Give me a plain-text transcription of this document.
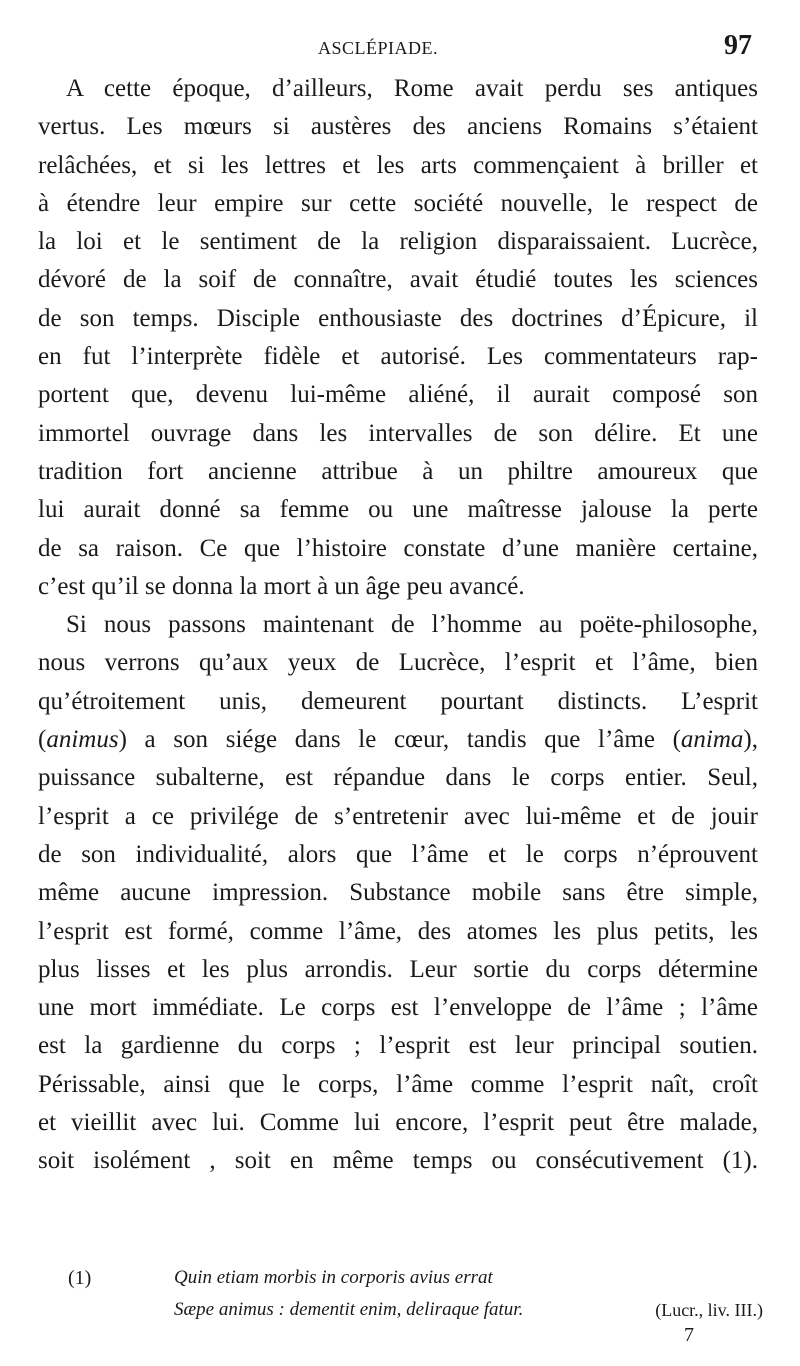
ASCLÉPIADE.	97
A cette époque, d’ailleurs, Rome avait perdu ses antiques
vertus. Les mœurs si austères des anciens Romains s’étaient
relâchées, et si les lettres et les arts commençaient à briller et
à étendre leur empire sur cette société nouvelle, le respect de
la loi et le sentiment de la religion disparaissaient. Lucrèce,
dévoré de la soif de connaître, avait étudié toutes les sciences
de son temps. Disciple enthousiaste des doctrines d’Épicure, il
en fut l’interprète fidèle et autorisé. Les commentateurs rap-
portent que, devenu lui-même aliéné, il aurait composé son
immortel ouvrage dans les intervalles de son délire. Et une
tradition fort ancienne attribue à un philtre amoureux que
lui aurait donné sa femme ou une maîtresse jalouse la perte
de sa raison. Ce que l’histoire constate d’une manière certaine,
c’est qu’il se donna la mort à un âge peu avancé.
Si nous passons maintenant de l’homme au poëte-philosophe,
nous verrons qu’aux yeux de Lucrèce, l’esprit et l’âme, bien
qu’étroitement unis, demeurent pourtant distincts. L’esprit
(animus) a son siége dans le cœur, tandis que l’âme (anima),
puissance subalterne, est répandue dans le corps entier. Seul,
l’esprit a ce privilége de s’entretenir avec lui-même et de jouir
de son individualité, alors que l’âme et le corps n’éprouvent
même aucune impression. Substance mobile sans être simple,
l’esprit est formé, comme l’âme, des atomes les plus petits, les
plus lisses et les plus arrondis. Leur sortie du corps détermine
une mort immédiate. Le corps est l’enveloppe de l’âme ; l’âme
est la gardienne du corps ; l’esprit est leur principal soutien.
Périssable, ainsi que le corps, l’âme comme l’esprit naît, croît
et vieillit avec lui. Comme lui encore, l’esprit peut être malade,
soit isolément , soit en même temps ou consécutivement (1).
(1)	Quin etiam morbis in corporis avius errat
Sæpe animus : dementit enim, deliraque fatur.	(Lucr., liv. III.)
7
